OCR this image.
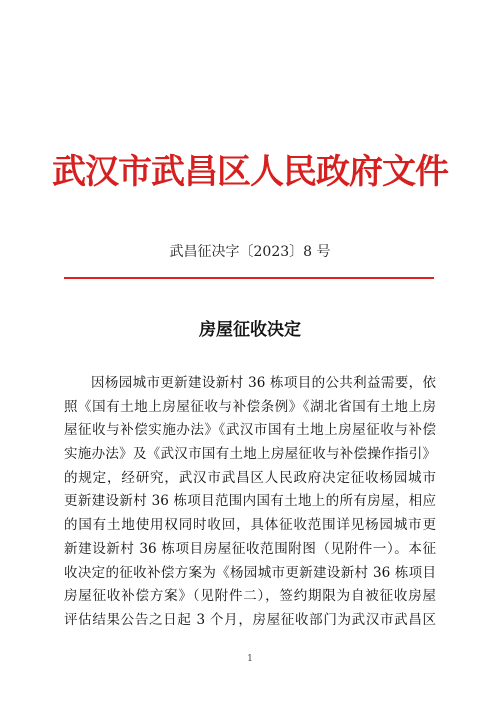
武汉市武昌区人民政府文件
武昌征决字〔2023〕8 号
房屋征收决定
因杨园城市更新建设新村 36 栋项目的公共利益需要，依
照《国有土地上房屋征收与补偿条例》《湖北省国有土地上房
屋征收与补偿实施办法》《武汉市国有土地上房屋征收与补偿
实施办法》及《武汉市国有土地上房屋征收与补偿操作指引》
的规定，经研究，武汉市武昌区人民政府决定征收杨园城市
更新建设新村 36 栋项目范围内国有土地上的所有房屋，相应
的国有土地使用权同时收回，具体征收范围详见杨园城市更
新建设新村 36 栋项目房屋征收范围附图（见附件一）。本征
收决定的征收补偿方案为《杨园城市更新建设新村 36 栋项目
房屋征收补偿方案》（见附件二），签约期限为自被征收房屋
评估结果公告之日起 3 个月，房屋征收部门为武汉市武昌区
1
